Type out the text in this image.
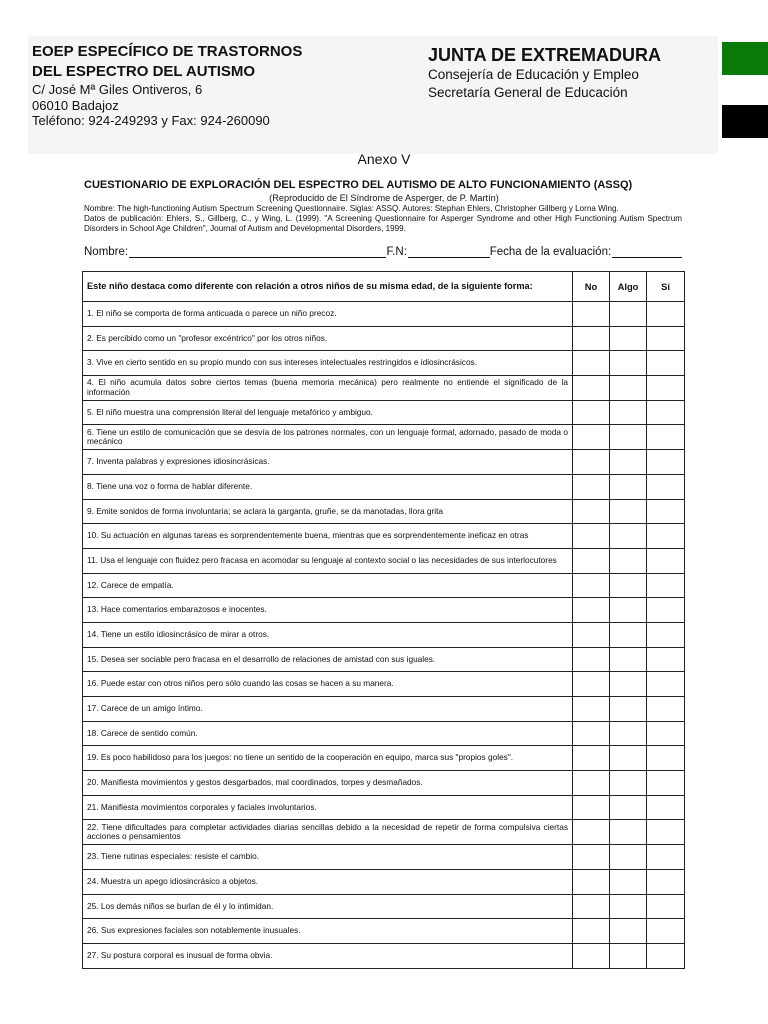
EOEP ESPECÍFICO DE TRASTORNOS
DEL ESPECTRO DEL AUTISMO
C/ José Mª Giles Ontiveros, 6
06010 Badajoz
Teléfono: 924-249293 y Fax: 924-260090
JUNTA DE EXTREMADURA
Consejería de Educación y Empleo
Secretaría General de Educación
Anexo V
CUESTIONARIO DE EXPLORACIÓN DEL ESPECTRO DEL AUTISMO DE ALTO FUNCIONAMIENTO (ASSQ)
(Reproducido de El Síndrome de Asperger, de P. Martín)
Nombre: The high-functioning Autism Spectrum Screening Questionnaire. Siglas: ASSQ. Autores: Stephan Ehlers, Christopher Gillberg y Lorna Wing.
Datos de publicación: Ehlers, S., Gillberg, C., y Wing, L. (1999). "A Screening Questionnaire for Asperger Syndrome and other High Functioning Autism Spectrum Disorders in School Age Children", Journal of Autism and Developmental Disorders, 1999.
Nombre:	F.N:	Fecha de la evaluación:
Este niño destaca como diferente con relación a otros niños de su misma edad, de la siguiente forma:	No	Algo	Sí
1. El niño se comporta de forma anticuada o parece un niño precoz.			
2. Es percibido como un "profesor excéntrico" por los otros niños.			
3. Vive en cierto sentido en su propio mundo con sus intereses intelectuales restringidos e idiosincrásicos.			
4. El niño acumula datos sobre ciertos temas (buena memoria mecánica) pero realmente no entiende el significado de la información			
5. El niño muestra una comprensión literal del lenguaje metafórico y ambiguo.			
6. Tiene un estilo de comunicación que se desvía de los patrones normales, con un lenguaje formal, adornado, pasado de moda o mecánico			
7. Inventa palabras y expresiones idiosincrásicas.			
8. Tiene una voz o forma de hablar diferente.			
9. Emite sonidos de forma involuntaria; se aclara la garganta, gruñe, se da manotadas, llora grita			
10. Su actuación en algunas tareas es sorprendentemente buena, mientras que es sorprendentemente ineficaz en otras			
11. Usa el lenguaje con fluidez pero fracasa en acomodar su lenguaje al contexto social o las necesidades de sus interlocutores			
12. Carece de empatía.			
13. Hace comentarios embarazosos e inocentes.			
14. Tiene un estilo idiosincrásico de mirar a otros.			
15. Desea ser sociable pero fracasa en el desarrollo de relaciones de amistad con sus iguales.			
16. Puede estar con otros niños pero sólo cuando las cosas se hacen a su manera.			
17. Carece de un amigo íntimo.			
18. Carece de sentido común.			
19. Es poco habilidoso para los juegos: no tiene un sentido de la cooperación en equipo, marca sus "propios goles".			
20. Manifiesta movimientos y gestos desgarbados, mal coordinados, torpes y desmañados.			
21. Manifiesta movimientos corporales y faciales involuntarios.			
22. Tiene dificultades para completar actividades diarias sencillas debido a la necesidad de repetir de forma compulsiva ciertas acciones o pensamientos			
23. Tiene rutinas especiales: resiste el cambio.			
24. Muestra un apego idiosincrásico a objetos.			
25. Los demás niños se burlan de él y lo intimidan.			
26. Sus expresiones faciales son notablemente inusuales.			
27. Su postura corporal es inusual de forma obvia.			
